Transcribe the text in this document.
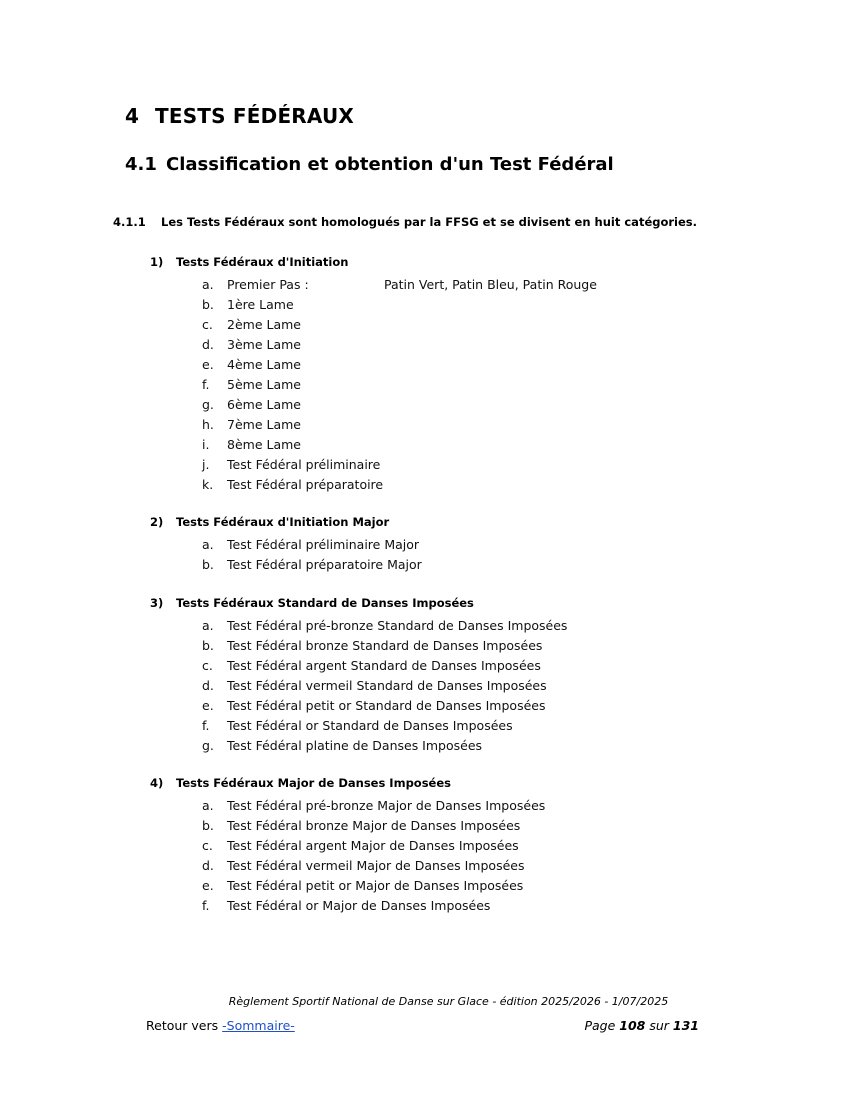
4 TESTS FÉDÉRAUX
4.1 Classification et obtention d'un Test Fédéral
4.1.1 Les Tests Fédéraux sont homologués par la FFSG et se divisent en huit catégories.
1) Tests Fédéraux d'Initiation
a. Premier Pas :	Patin Vert, Patin Bleu, Patin Rouge
b. 1ère Lame
c. 2ème Lame
d. 3ème Lame
e. 4ème Lame
f. 5ème Lame
g. 6ème Lame
h. 7ème Lame
i. 8ème Lame
j. Test Fédéral préliminaire
k. Test Fédéral préparatoire
2) Tests Fédéraux d'Initiation Major
a. Test Fédéral préliminaire Major
b. Test Fédéral préparatoire Major
3) Tests Fédéraux Standard de Danses Imposées
a. Test Fédéral pré-bronze Standard de Danses Imposées
b. Test Fédéral bronze Standard de Danses Imposées
c. Test Fédéral argent Standard de Danses Imposées
d. Test Fédéral vermeil Standard de Danses Imposées
e. Test Fédéral petit or Standard de Danses Imposées
f. Test Fédéral or Standard de Danses Imposées
g. Test Fédéral platine de Danses Imposées
4) Tests Fédéraux Major de Danses Imposées
a. Test Fédéral pré-bronze Major de Danses Imposées
b. Test Fédéral bronze Major de Danses Imposées
c. Test Fédéral argent Major de Danses Imposées
d. Test Fédéral vermeil Major de Danses Imposées
e. Test Fédéral petit or Major de Danses Imposées
f. Test Fédéral or Major de Danses Imposées
Règlement Sportif National de Danse sur Glace - édition 2025/2026 - 1/07/2025
Retour vers -Sommaire-	Page 108 sur 131
